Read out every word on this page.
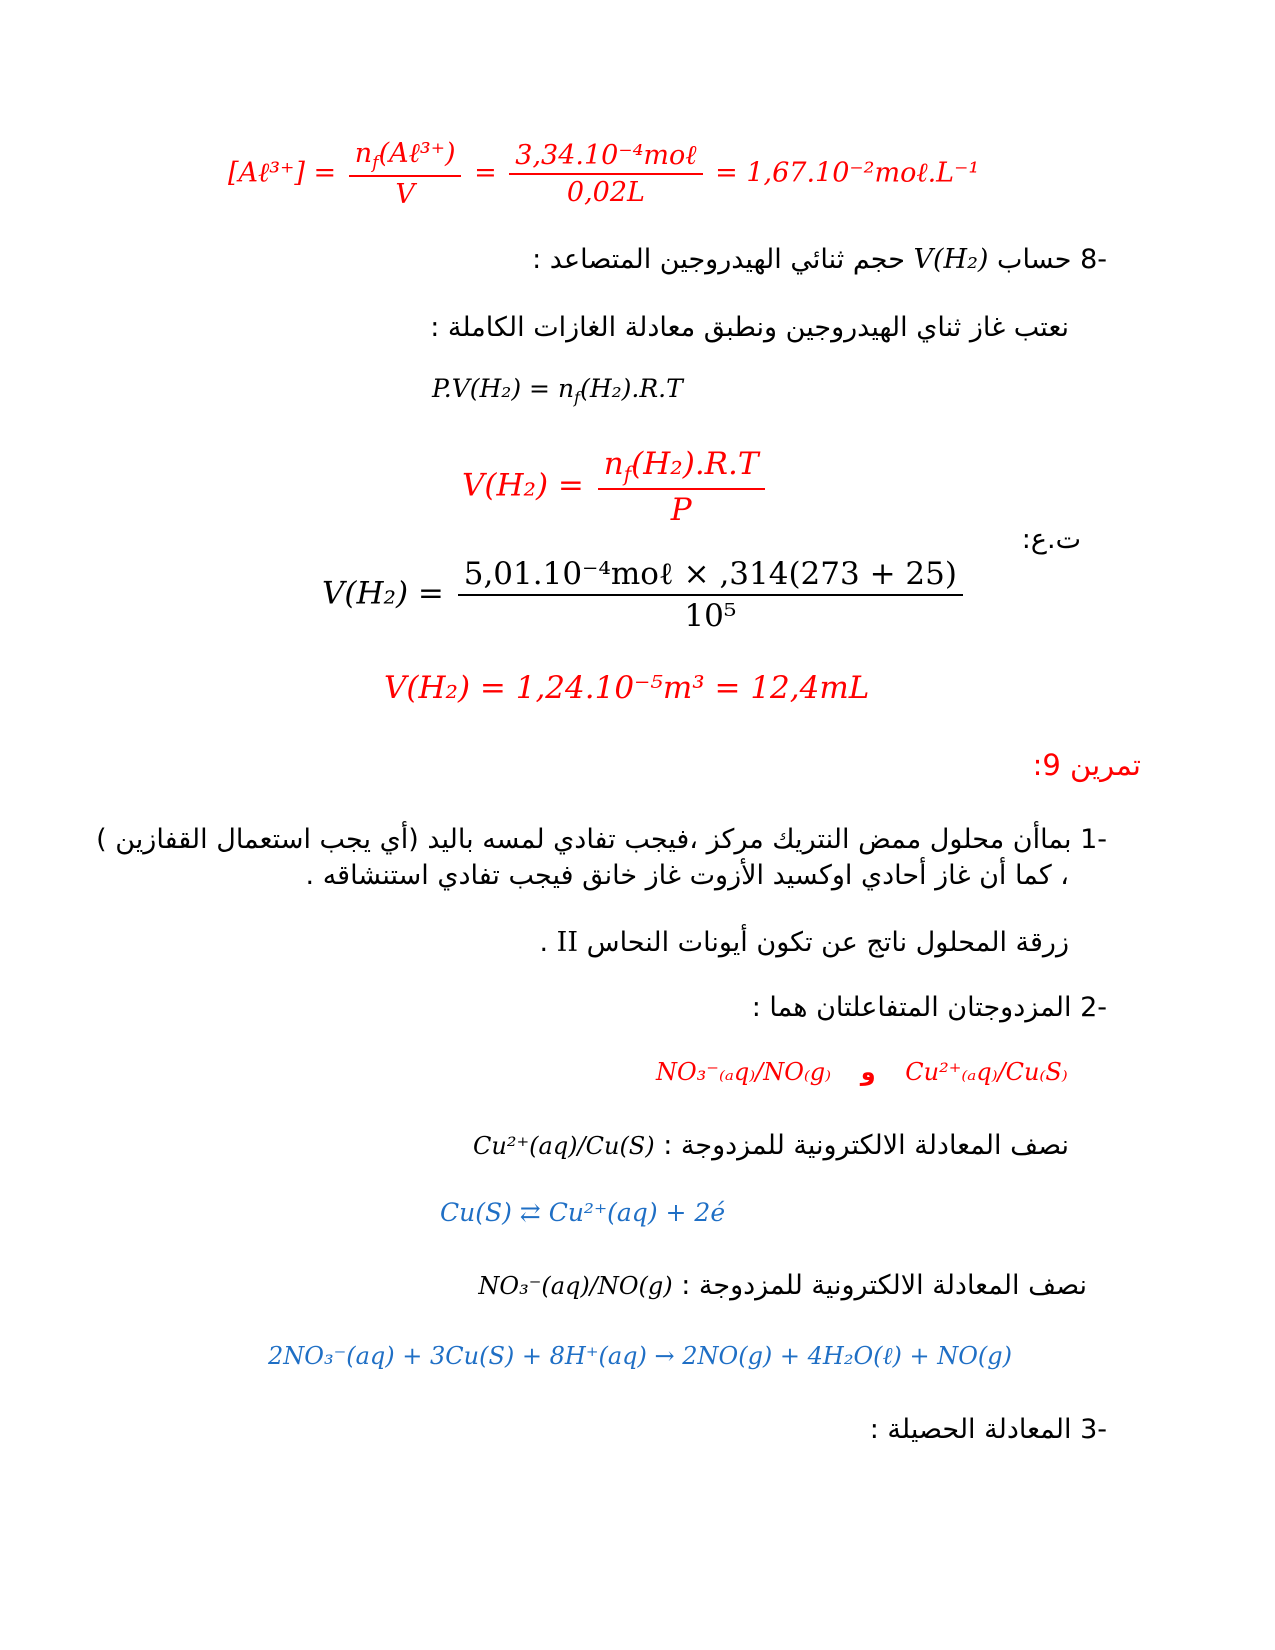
[Aℓ³⁺] = $\frac{n_f(A\ell^{3+})}{V} = \frac{\text{3,34.10⁻⁴moℓ}}{0,02L}$ = 1,67.10⁻²moℓ.L⁻¹
-8 حساب V(H₂) حجم ثنائي الهيدروجين المتصاعد :
نعتب غاز ثناي الهيدروجين ونطبق معادلة الغازات الكاملة :
$P.V(H_2) = n_f(H_2).R.T$
$V(H_2) = \frac{n_f(H_2).R.T}{P}$
ت.ع:
$V(H_2) = \frac{\text{5,01.10⁻⁴moℓ × ,314(273 + 25)}}{\text{10⁵}}$
V(H₂) = 1,24.10⁻⁵m³ = 12,4mL
تمرين 9:
-1 بماأن محلول ممض النتريك مركز ،فيجب تفادي لمسه باليد (أي يجب استعمال القفازين )
، كما أن غاز أحادي اوكسيد الأزوت غاز خانق فيجب تفادي استنشاقه .
زرقة المحلول ناتج عن تكون أيونات النحاس II .
-2 المزدوجتان المتفاعلتان هما :
NO₃⁻₍ₐq₎/NO₍g₎ و Cu²⁺₍ₐq₎/Cu₍S₎
نصف المعادلة الالكترونية للمزدوجة : Cu²⁺(aq)/Cu(S)
Cu(S) ⇄ Cu²⁺(aq) + 2é
نصف المعادلة الالكترونية للمزدوجة : NO₃⁻(aq)/NO(g)
2NO₃⁻(aq) + 3Cu(S) + 8H⁺(aq) → 2NO(g) + 4H₂O(ℓ) + NO(g)
-3 المعادلة الحصيلة :
